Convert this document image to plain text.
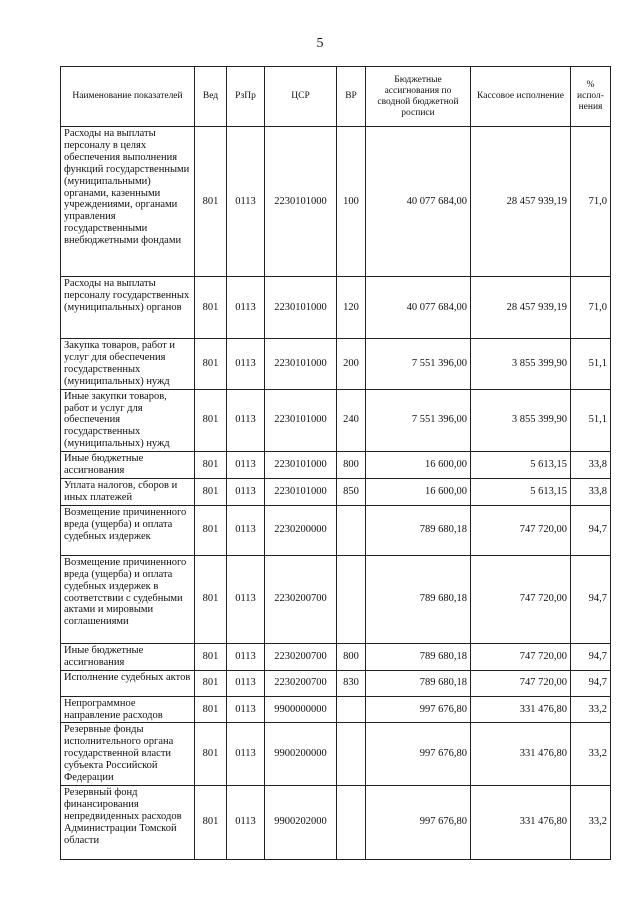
5
Наименование показателей	Вед	РзПр	ЦСР	ВР	Бюджетные ассигнования по сводной бюджетной росписи	Кассовое исполнение	% испол-нения
Расходы на выплаты персоналу в целях обеспечения выполнения функций государственными (муниципальными) органами, казенными учреждениями, органами управления государственными внебюджетными фондами	801	0113	2230101000	100	40 077 684,00	28 457 939,19	71,0
Расходы на выплаты персоналу государственных (муниципальных) органов	801	0113	2230101000	120	40 077 684,00	28 457 939,19	71,0
Закупка товаров, работ и услуг для обеспечения государственных (муниципальных) нужд	801	0113	2230101000	200	7 551 396,00	3 855 399,90	51,1
Иные закупки товаров, работ и услуг для обеспечения государственных (муниципальных) нужд	801	0113	2230101000	240	7 551 396,00	3 855 399,90	51,1
Иные бюджетные ассигнования	801	0113	2230101000	800	16 600,00	5 613,15	33,8
Уплата налогов, сборов и иных платежей	801	0113	2230101000	850	16 600,00	5 613,15	33,8
Возмещение причиненного вреда (ущерба) и оплата судебных издержек	801	0113	2230200000		789 680,18	747 720,00	94,7
Возмещение причиненного вреда (ущерба) и оплата судебных издержек в соответствии с судебными актами и мировыми соглашениями	801	0113	2230200700		789 680,18	747 720,00	94,7
Иные бюджетные ассигнования	801	0113	2230200700	800	789 680,18	747 720,00	94,7
Исполнение судебных актов	801	0113	2230200700	830	789 680,18	747 720,00	94,7
Непрограммное направление расходов	801	0113	9900000000		997 676,80	331 476,80	33,2
Резервные фонды исполнительного органа государственной власти субъекта Российской Федерации	801	0113	9900200000		997 676,80	331 476,80	33,2
Резервный фонд финансирования непредвиденных расходов Администрации Томской области	801	0113	9900202000		997 676,80	331 476,80	33,2
